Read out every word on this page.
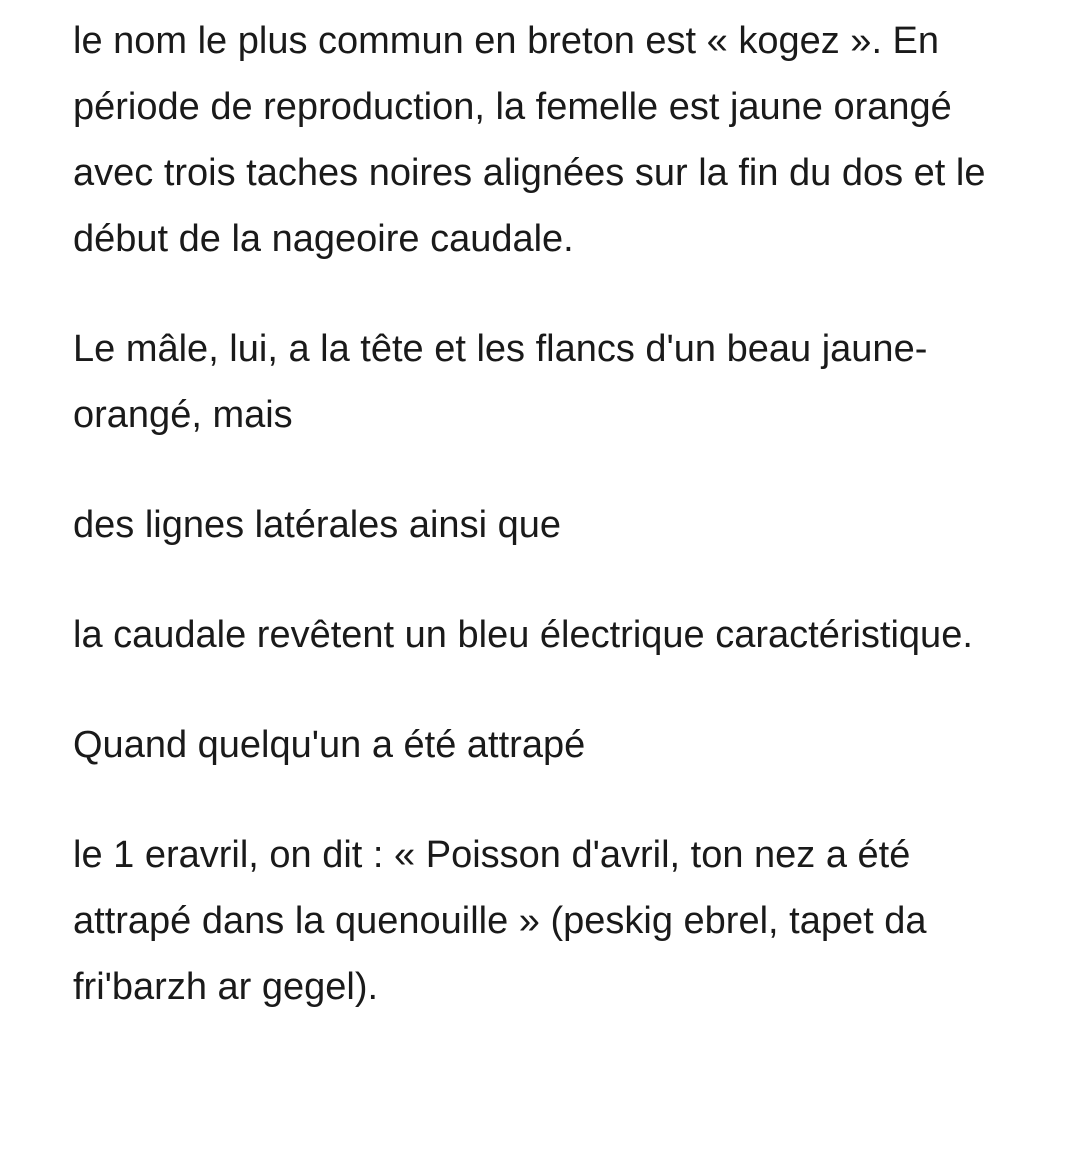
le nom le plus commun en breton est « kogez ». En période de reproduction, la femelle est jaune orangé avec trois taches noires alignées sur la fin du dos et le début de la nageoire caudale.

Le mâle, lui, a la tête et les flancs d'un beau jaune-orangé, mais

des lignes latérales ainsi que

la caudale revêtent un bleu électrique caractéristique.

Quand quelqu'un a été attrapé

le 1 eravril, on dit : « Poisson d'avril, ton nez a été attrapé dans la quenouille » (peskig ebrel, tapet da fri'barzh ar gegel).
